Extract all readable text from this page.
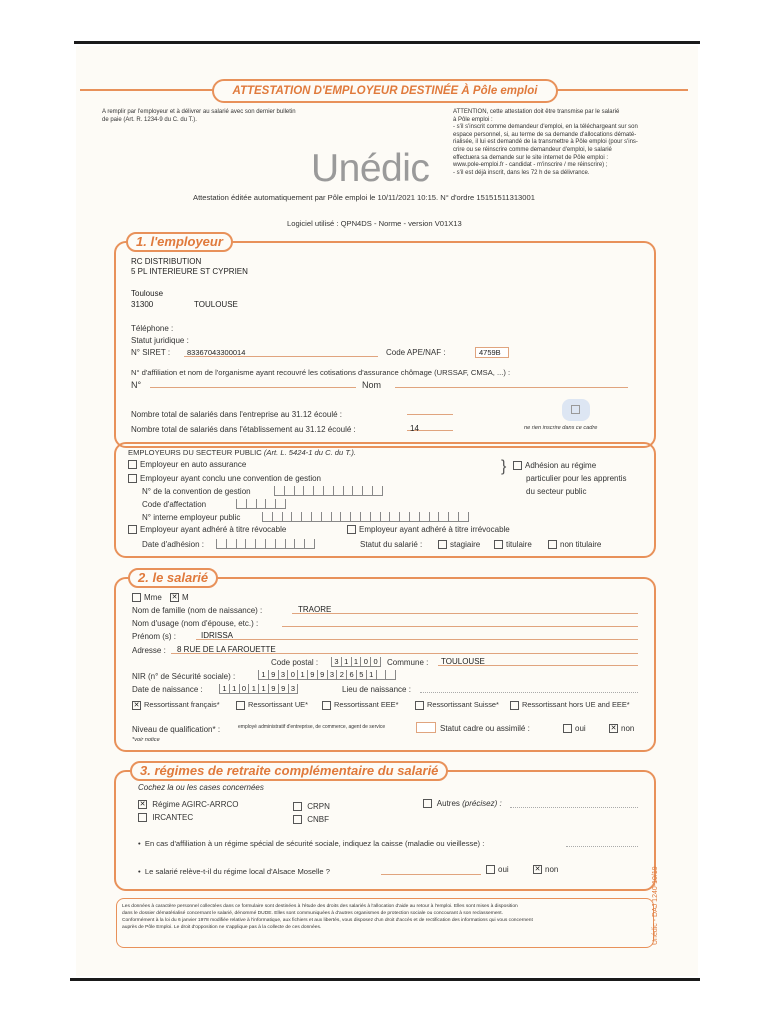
ATTESTATION D'EMPLOYEUR DESTINÉE À Pôle emploi
A remplir par l'employeur et à délivrer au salarié avec son dernier bulletin de paie (Art. R. 1234-9 du C. du T.).
ATTENTION, cette attestation doit être transmise par le salarié
à Pôle emploi :
- s'il s'inscrit comme demandeur d'emploi, en la téléchargeant sur son
espace personnel, si, au terme de sa demande d'allocations dématé-
rialisée, il lui est demandé de la transmettre à Pôle emploi (pour s'ins-
crire ou se réinscrire comme demandeur d'emploi, le salarié
effectuera sa demande sur le site internet de Pôle emploi :
www.pole-emploi.fr - candidat - m'inscrire / me réinscrire) ;
- s'il est déjà inscrit, dans les 72 h de sa délivrance.
Unédic
Attestation éditée automatiquement par Pôle emploi le 10/11/2021 10:15. N° d'ordre 15151511313001
Logiciel utilisé : QPN4DS - Norme - version V01X13
1. l'employeur
RC DISTRIBUTION
5 PL INTERIEURE ST CYPRIEN
Toulouse
31300	TOULOUSE
Téléphone :
Statut juridique :
N° SIRET : 83367043300014	Code APE/NAF :	4759B
N° d'affiliation et nom de l'organisme ayant recouvré les cotisations d'assurance chômage (URSSAF, CMSA, ...) :
N°	Nom
Nombre total de salariés dans l'entreprise au 31.12 écoulé :
Nombre total de salariés dans l'établissement au 31.12 écoulé :	14	ne rien inscrire dans ce cadre
EMPLOYEURS DU SECTEUR PUBLIC (Art. L. 5424-1 du C. du T.).
Employeur en auto assurance
Employeur ayant conclu une convention de gestion
N° de la convention de gestion
Code d'affectation
N° interne employeur public
Employeur ayant adhéré à titre révocable	Employeur ayant adhéré à titre irrévocable
Date d'adhésion :	Statut du salarié :	stagiaire	titulaire	non titulaire
}	Adhésion au régime
particulier pour les apprentis
du secteur public
2. le salarié
Mme ✕ M
Nom de famille (nom de naissance) :	TRAORE
Nom d'usage (nom d'épouse, etc.) :
Prénom (s) :	IDRISSA
Adresse : 8 RUE DE LA FAROUETTE
Code postal :	3 1 1 0 0	Commune : TOULOUSE
NIR (n° de Sécurité sociale) :	1 9 3 0 1 9 9 3 2 6 5 1
Date de naissance :	1 1 0 1 1 9 9 3	Lieu de naissance :
✕ Ressortissant français*	Ressortissant UE*	Ressortissant EEE*	Ressortissant Suisse*	Ressortissant hors UE and EEE*
Niveau de qualification* :	employé administratif d'entreprise, de commerce, agent de service	Statut cadre ou assimilé :	oui	✕ non
*voir notice
3. régimes de retraite complémentaire du salarié
Cochez la ou les cases concernées
✕ Régime AGIRC-ARRCO
IRCANTEC
CRPN
CNBF
Autres (précisez) :
•  En cas d'affiliation à un régime spécial de sécurité sociale, indiquez la caisse (maladie ou vieillesse) :
•  Le salarié relève-t-il du régime local d'Alsace Moselle ?	oui	✕ non
Les données à caractère personnel collectées dans ce formulaire sont destinées à l'étude des droits des salariés à l'allocation d'aide au retour à l'emploi. Elles sont mises à disposition
dans le dossier dématérialisé concernant le salarié, dénommé DUDE. Elles sont communiquées à d'autres organismes de protection sociale ou concourant à son reclassement.
Conformément à la loi du 6 janvier 1978 modifiée relative à l'informatique, aux fichiers et aux libertés, vous disposez d'un droit d'accès et de rectification des informations qui vous concernent
auprès de Pôle Emploi. Le droit d'opposition ne s'applique pas à la collecte de ces données.	Unédic - DAJ 1240-10/19
